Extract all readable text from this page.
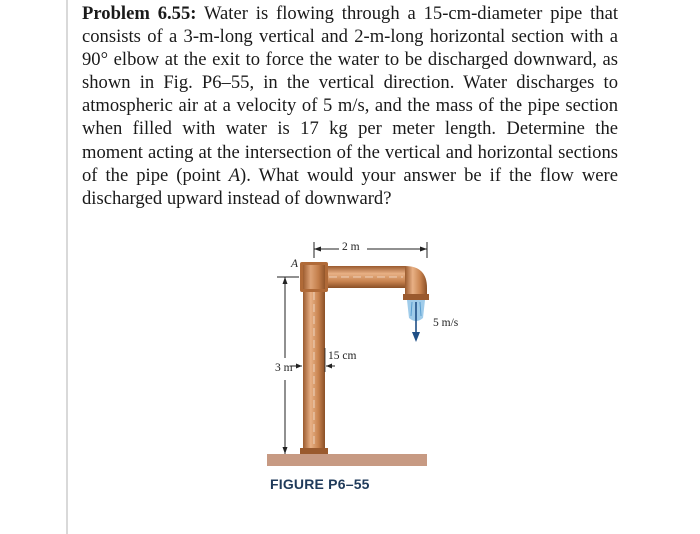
Problem 6.55: Water is flowing through a 15-cm-diameter pipe that consists of a 3-m-long vertical and 2-m-long horizontal section with a 90° elbow at the exit to force the water to be discharged downward, as shown in Fig. P6–55, in the vertical direction. Water discharges to atmospheric air at a velocity of 5 m/s, and the mass of the pipe section when filled with water is 17 kg per meter length. Determine the moment acting at the intersection of the vertical and horizontal sections of the pipe (point A). What would your answer be if the flow were discharged upward instead of downward?

2 m
3 m
15 cm
5 m/s
A
FIGURE P6–55
